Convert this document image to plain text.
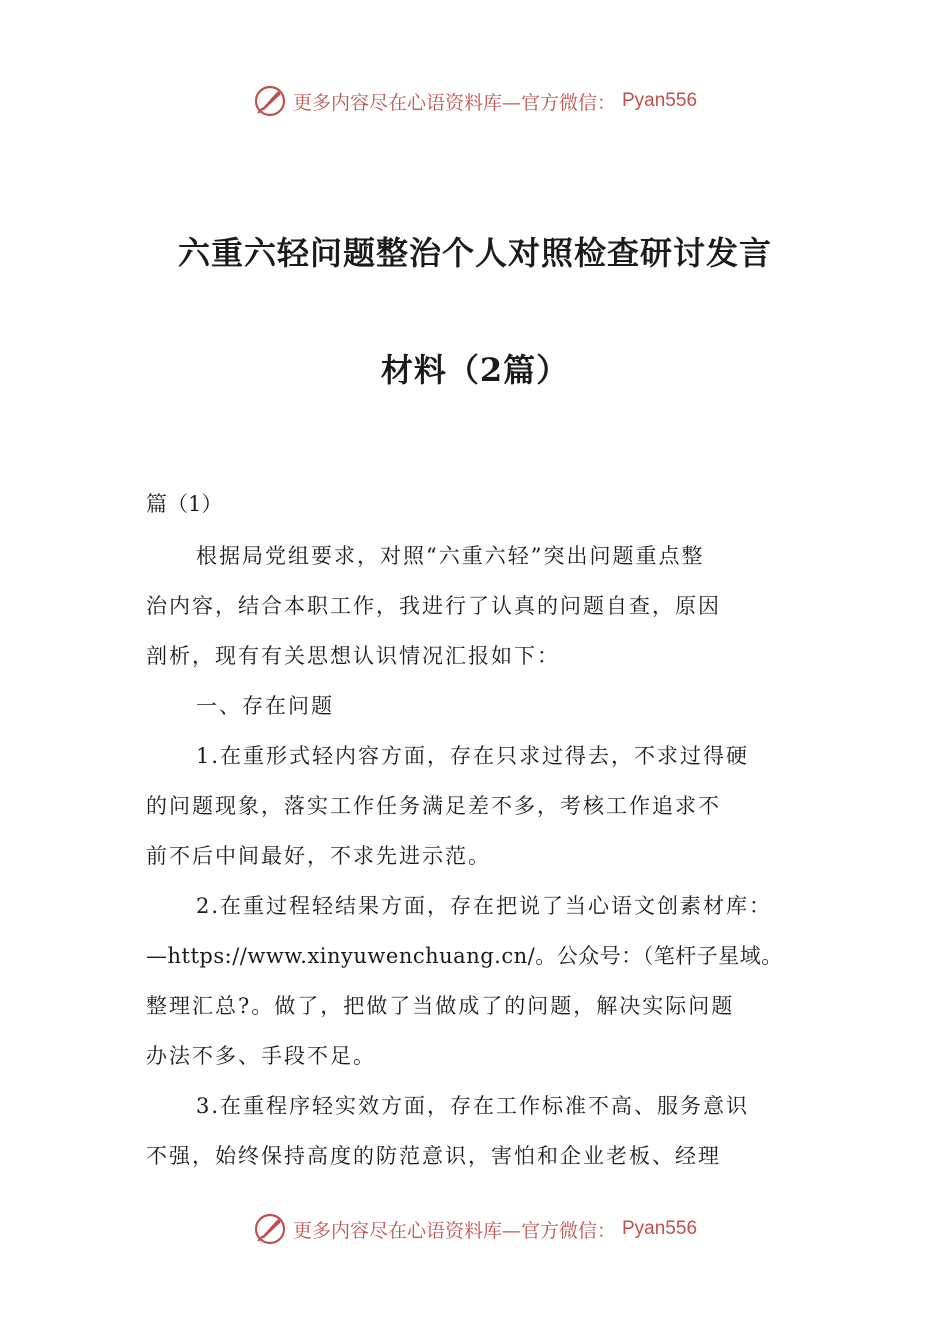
更多内容尽在心语资料库—官方微信： Pyan556
六重六轻问题整治个人对照检查研讨发言
材料（2篇）
篇（1）
根据局党组要求，对照“六重六轻”突出问题重点整
治内容，结合本职工作，我进行了认真的问题自查，原因
剖析，现有有关思想认识情况汇报如下：
一、存在问题
1.在重形式轻内容方面，存在只求过得去，不求过得硬
的问题现象，落实工作任务满足差不多，考核工作追求不
前不后中间最好，不求先进示范。
2.在重过程轻结果方面，存在把说了当心语文创素材库：
—https://www.xinyuwenchuang.cn/。公众号：（笔杆子星域。
整理汇总?。做了，把做了当做成了的问题，解决实际问题
办法不多、手段不足。
3.在重程序轻实效方面，存在工作标准不高、服务意识
不强，始终保持高度的防范意识，害怕和企业老板、经理
更多内容尽在心语资料库—官方微信： Pyan556
